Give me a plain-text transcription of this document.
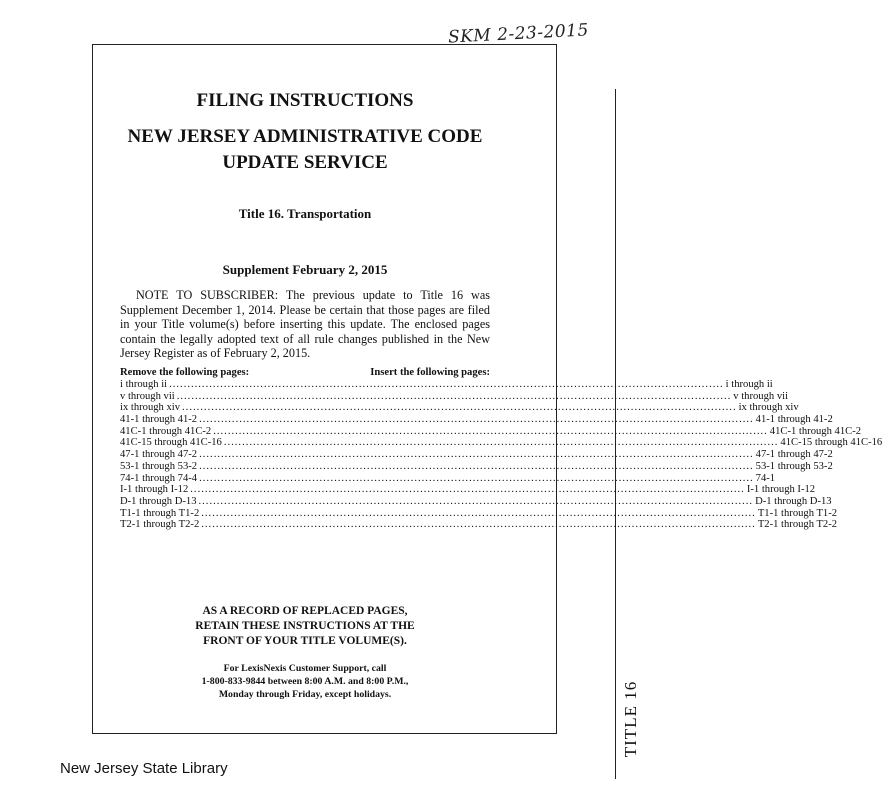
SKM 2-23-2015
TITLE 16
FILING INSTRUCTIONS
NEW JERSEY ADMINISTRATIVE CODE
UPDATE SERVICE
Title 16. Transportation
Supplement February 2, 2015
NOTE TO SUBSCRIBER: The previous update to Title 16 was Supplement December 1, 2014. Please be certain that those pages are filed in your Title volume(s) before inserting this update. The enclosed pages contain the legally adopted text of all rule changes published in the New Jersey Register as of February 2, 2015.
Remove the following pages:	Insert the following pages:
i through ii .....	i through ii
v through vii .....	v through vii
ix through xiv .....	ix through xiv
41-1 through 41-2 .....	41-1 through 41-2
41C-1 through 41C-2 .....	41C-1 through 41C-2
41C-15 through 41C-16 .....	41C-15 through 41C-16
47-1 through 47-2 .....	47-1 through 47-2
53-1 through 53-2 .....	53-1 through 53-2
74-1 through 74-4 .....	74-1
I-1 through I-12 .....	I-1 through I-12
D-1 through D-13 .....	D-1 through D-13
T1-1 through T1-2 .....	T1-1 through T1-2
T2-1 through T2-2 .....	T2-1 through T2-2
AS A RECORD OF REPLACED PAGES,
RETAIN THESE INSTRUCTIONS AT THE
FRONT OF YOUR TITLE VOLUME(S).
For LexisNexis Customer Support, call
1-800-833-9844 between 8:00 A.M. and 8:00 P.M.,
Monday through Friday, except holidays.
New Jersey State Library
